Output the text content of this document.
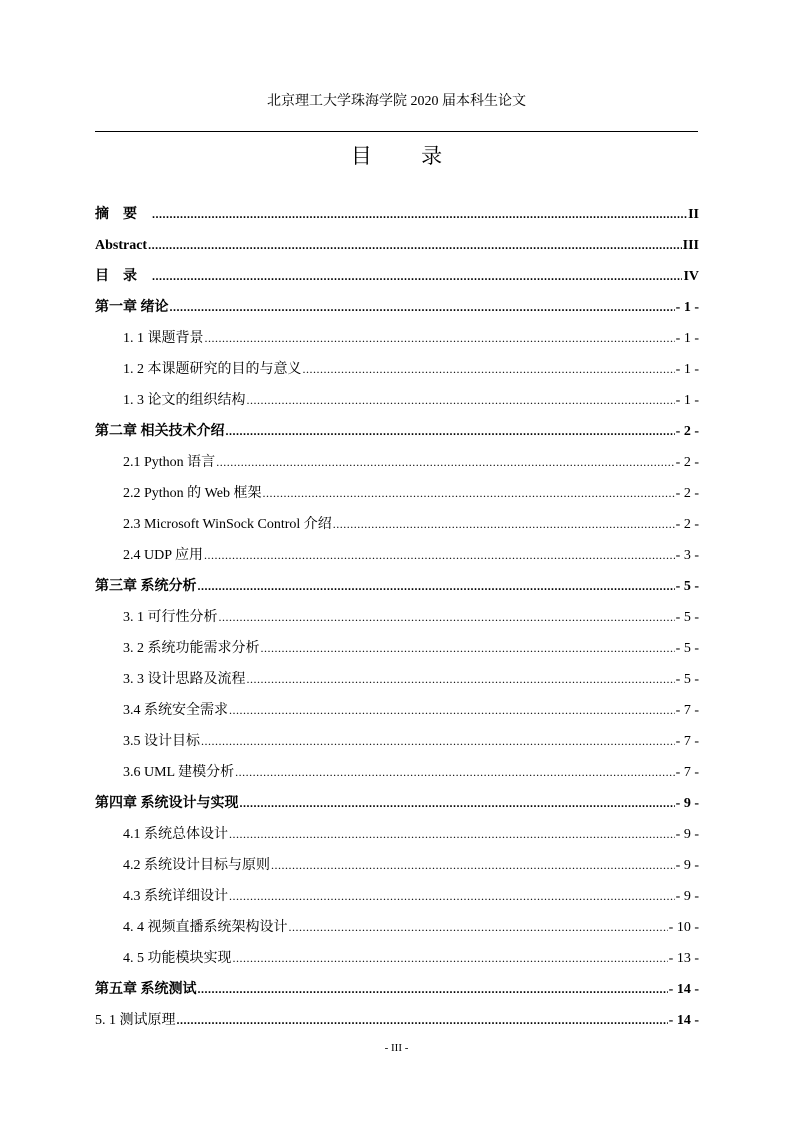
北京理工大学珠海学院 2020 届本科生论文
目 录
摘要 .....	II
Abstract .....	III
目录 .....	IV
第一章 绪论 .....	- 1 -
1. 1 课题背景 .....	- 1 -
1. 2 本课题研究的目的与意义 .....	- 1 -
1. 3 论文的组织结构 .....	- 1 -
第二章 相关技术介绍 .....	- 2 -
2.1 Python 语言 .....	- 2 -
2.2 Python 的 Web 框架 .....	- 2 -
2.3 Microsoft WinSock Control 介绍 .....	- 2 -
2.4 UDP 应用 .....	- 3 -
第三章 系统分析 .....	- 5 -
3. 1 可行性分析 .....	- 5 -
3. 2 系统功能需求分析 .....	- 5 -
3. 3 设计思路及流程 .....	- 5 -
3.4 系统安全需求 .....	- 7 -
3.5 设计目标 .....	- 7 -
3.6 UML 建模分析 .....	- 7 -
第四章 系统设计与实现 .....	- 9 -
4.1 系统总体设计 .....	- 9 -
4.2 系统设计目标与原则 .....	- 9 -
4.3 系统详细设计 .....	- 9 -
4. 4 视频直播系统架构设计 .....	- 10 -
4. 5 功能模块实现 .....	- 13 -
第五章 系统测试 .....	- 14 -
5. 1 测试原理 .....	- 14 -
- III -
